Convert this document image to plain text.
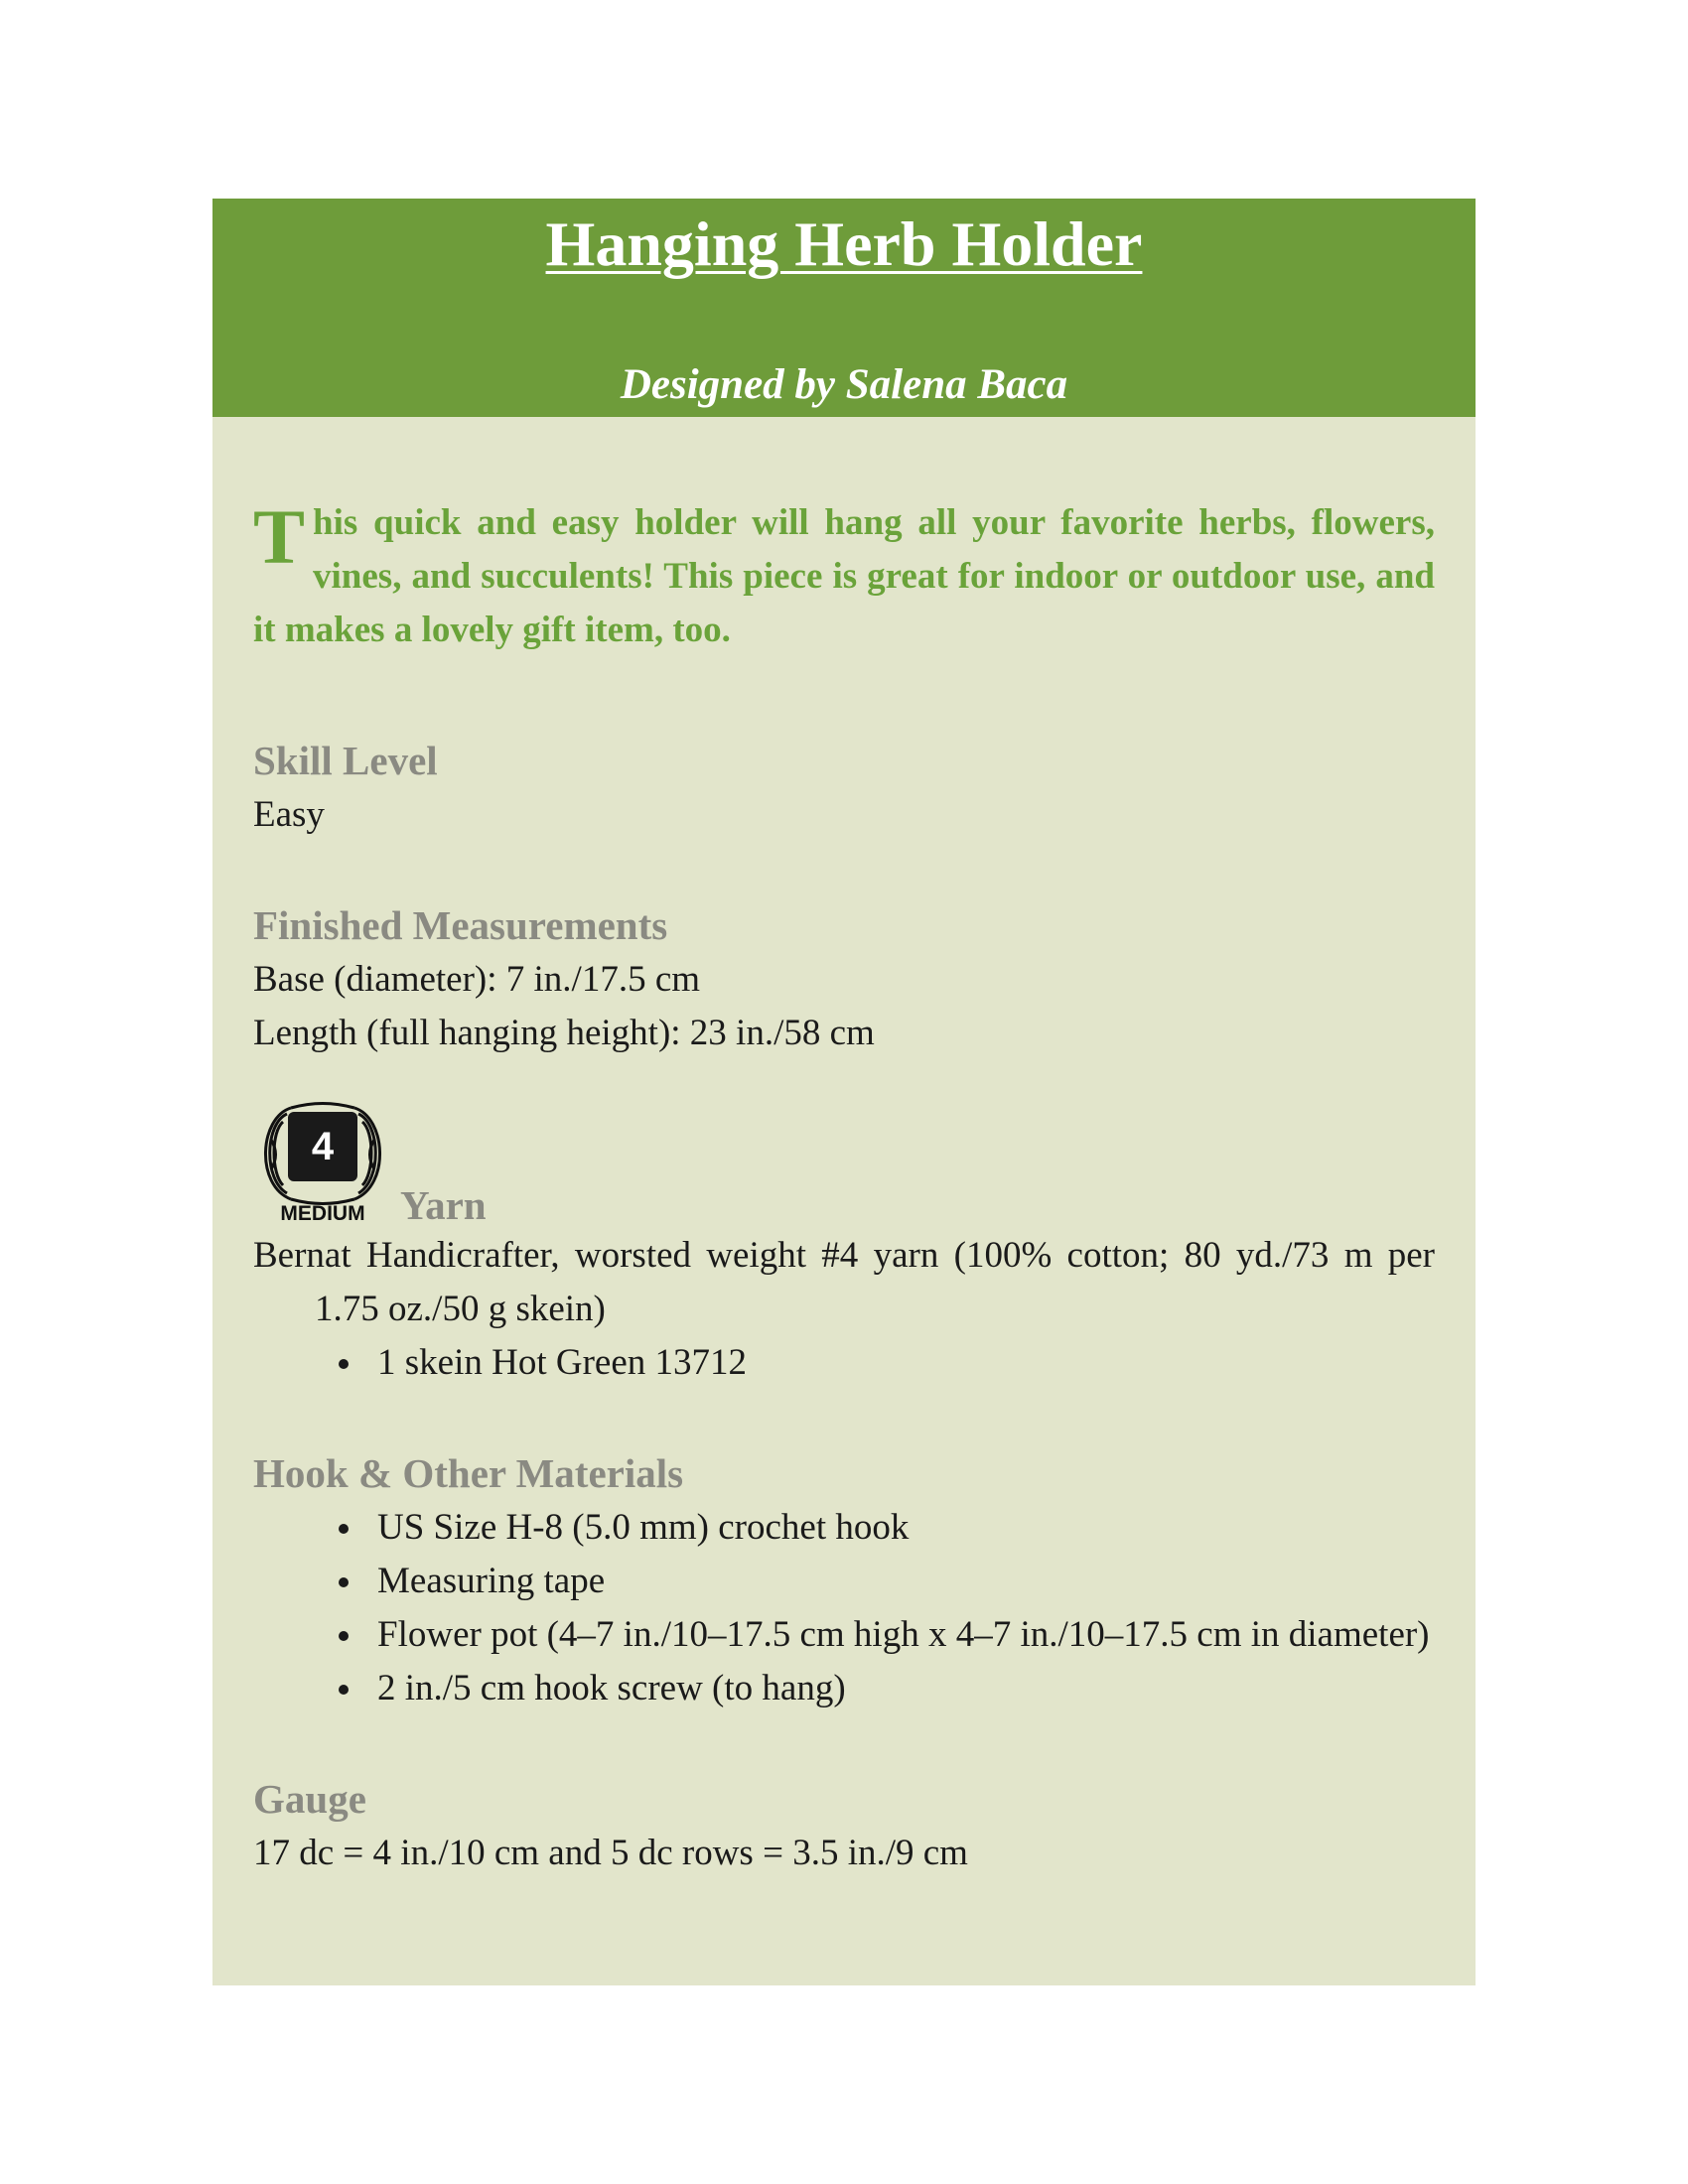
Hanging Herb Holder
Designed by Salena Baca

This quick and easy holder will hang all your favorite herbs, flowers, vines, and succulents! This piece is great for indoor or outdoor use, and it makes a lovely gift item, too.

Skill Level

Easy

Finished Measurements

Base (diameter): 7 in./17.5 cm

Length (full hanging height): 23 in./58 cm

4
MEDIUM Yarn

Bernat Handicrafter, worsted weight #4 yarn (100% cotton; 80 yd./73 m per 1.75 oz./50 g skein)

1 skein Hot Green 13712

Hook & Other Materials

US Size H-8 (5.0 mm) crochet hook
Measuring tape
Flower pot (4–7 in./10–17.5 cm high x 4–7 in./10–17.5 cm in diameter)
2 in./5 cm hook screw (to hang)

Gauge

17 dc = 4 in./10 cm and 5 dc rows = 3.5 in./9 cm
